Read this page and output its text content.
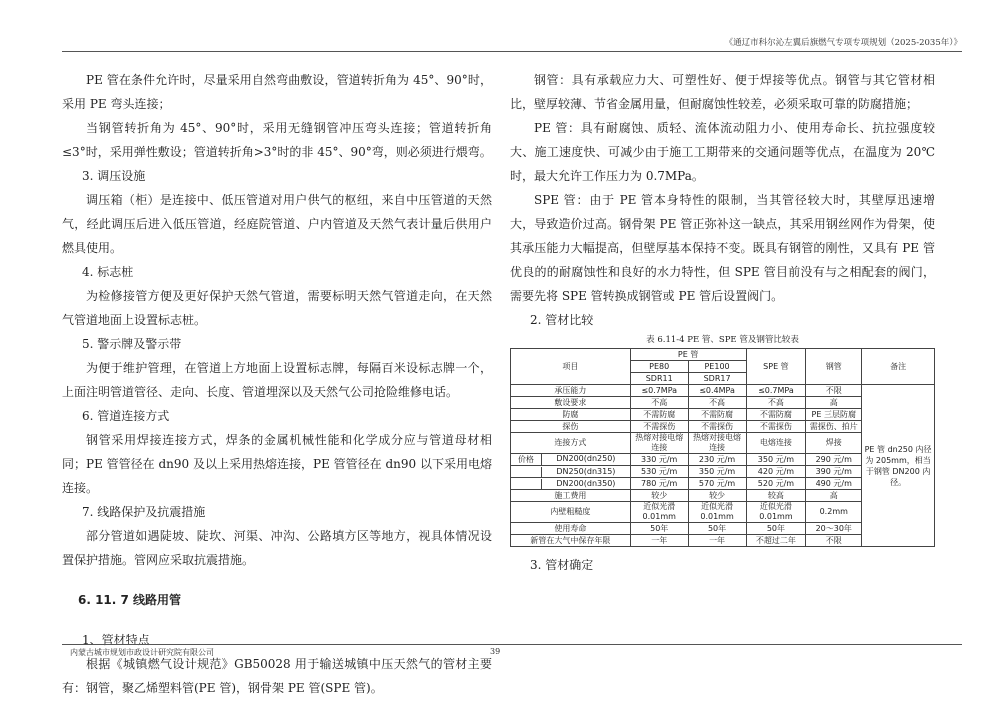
《通辽市科尔沁左翼后旗燃气专项专项规划（2025-2035年）》

PE 管在条件允许时，尽量采用自然弯曲敷设，管道转折角为 45°、90°时，采用 PE 弯头连接；

当钢管转折角为 45°、90°时，采用无缝钢管冲压弯头连接；管道转折角≤3°时，采用弹性敷设；管道转折角>3°时的非 45°、90°弯，则必须进行煨弯。

3. 调压设施

调压箱（柜）是连接中、低压管道对用户供气的枢纽，来自中压管道的天然气，经此调压后进入低压管道，经庭院管道、户内管道及天然气表计量后供用户燃具使用。

4. 标志桩

为检修接管方便及更好保护天然气管道，需要标明天然气管道走向，在天然气管道地面上设置标志桩。

5. 警示牌及警示带

为便于维护管理，在管道上方地面上设置标志牌，每隔百米设标志牌一个，上面注明管道管径、走向、长度、管道埋深以及天然气公司抢险维修电话。

6. 管道连接方式

钢管采用焊接连接方式，焊条的金属机械性能和化学成分应与管道母材相同；PE 管管径在 dn90 及以上采用热熔连接，PE 管管径在 dn90 以下采用电熔连接。

7. 线路保护及抗震措施

部分管道如遇陡坡、陡坎、河渠、冲沟、公路填方区等地方，视具体情况设置保护措施。管网应采取抗震措施。

6. 11. 7 线路用管

1、管材特点

根据《城镇燃气设计规范》GB50028 用于输送城镇中压天然气的管材主要有：钢管，聚乙烯塑料管(PE 管)，钢骨架 PE 管(SPE 管)。

钢管：具有承载应力大、可塑性好、便于焊接等优点。钢管与其它管材相比，壁厚较薄、节省金属用量，但耐腐蚀性较差，必须采取可靠的防腐措施；

PE 管：具有耐腐蚀、质轻、流体流动阻力小、使用寿命长、抗拉强度较大、施工速度快、可减少由于施工工期带来的交通问题等优点，在温度为 20℃时，最大允许工作压力为 0.7MPa。

SPE 管：由于 PE 管本身特性的限制，当其管径较大时，其壁厚迅速增大，导致造价过高。钢骨架 PE 管正弥补这一缺点，其采用钢丝网作为骨架，使其承压能力大幅提高，但壁厚基本保持不变。既具有钢管的刚性，又具有 PE 管优良的的耐腐蚀性和良好的水力特性，但 SPE 管目前没有与之相配套的阀门，需要先将 SPE 管转换成钢管或 PE 管后设置阀门。

2. 管材比较

表 6.11-4 PE 管、SPE 管及钢管比较表
项目	PE 管		SPE 管	钢管	备注
	PE80	PE100			
	SDR11	SDR17			
承压能力	≤0.7MPa	≤0.4MPa	≤0.7MPa	不限	PE 管 dn250 内径为 205mm，相当于钢管 DN200 内径。
敷设要求	不高	不高	不高	高	
防腐	不需防腐	不需防腐	不需防腐	PE 三层防腐	
探伤	不需探伤	不需探伤	不需探伤	需探伤、拍片	
连接方式	热熔对接电熔连接	热熔对接电熔连接	电熔连接	焊接	

价格 DN200(dn250)	330 元/m	230 元/m	350 元/m	290 元/m	

DN250(dn315)	530 元/m	350 元/m	420 元/m	390 元/m	

DN200(dn350)	780 元/m	570 元/m	520 元/m	490 元/m	
施工费用	较少	较少	较高	高	
内壁粗糙度	近似光滑 0.01mm	近似光滑 0.01mm	近似光滑 0.01mm	0.2mm	
使用寿命	50年	50年	50年	20～30年	
新管在大气中保存年限	一年	一年	不超过二年	不限	

3. 管材确定

内蒙古城市规划市政设计研究院有限公司	39
